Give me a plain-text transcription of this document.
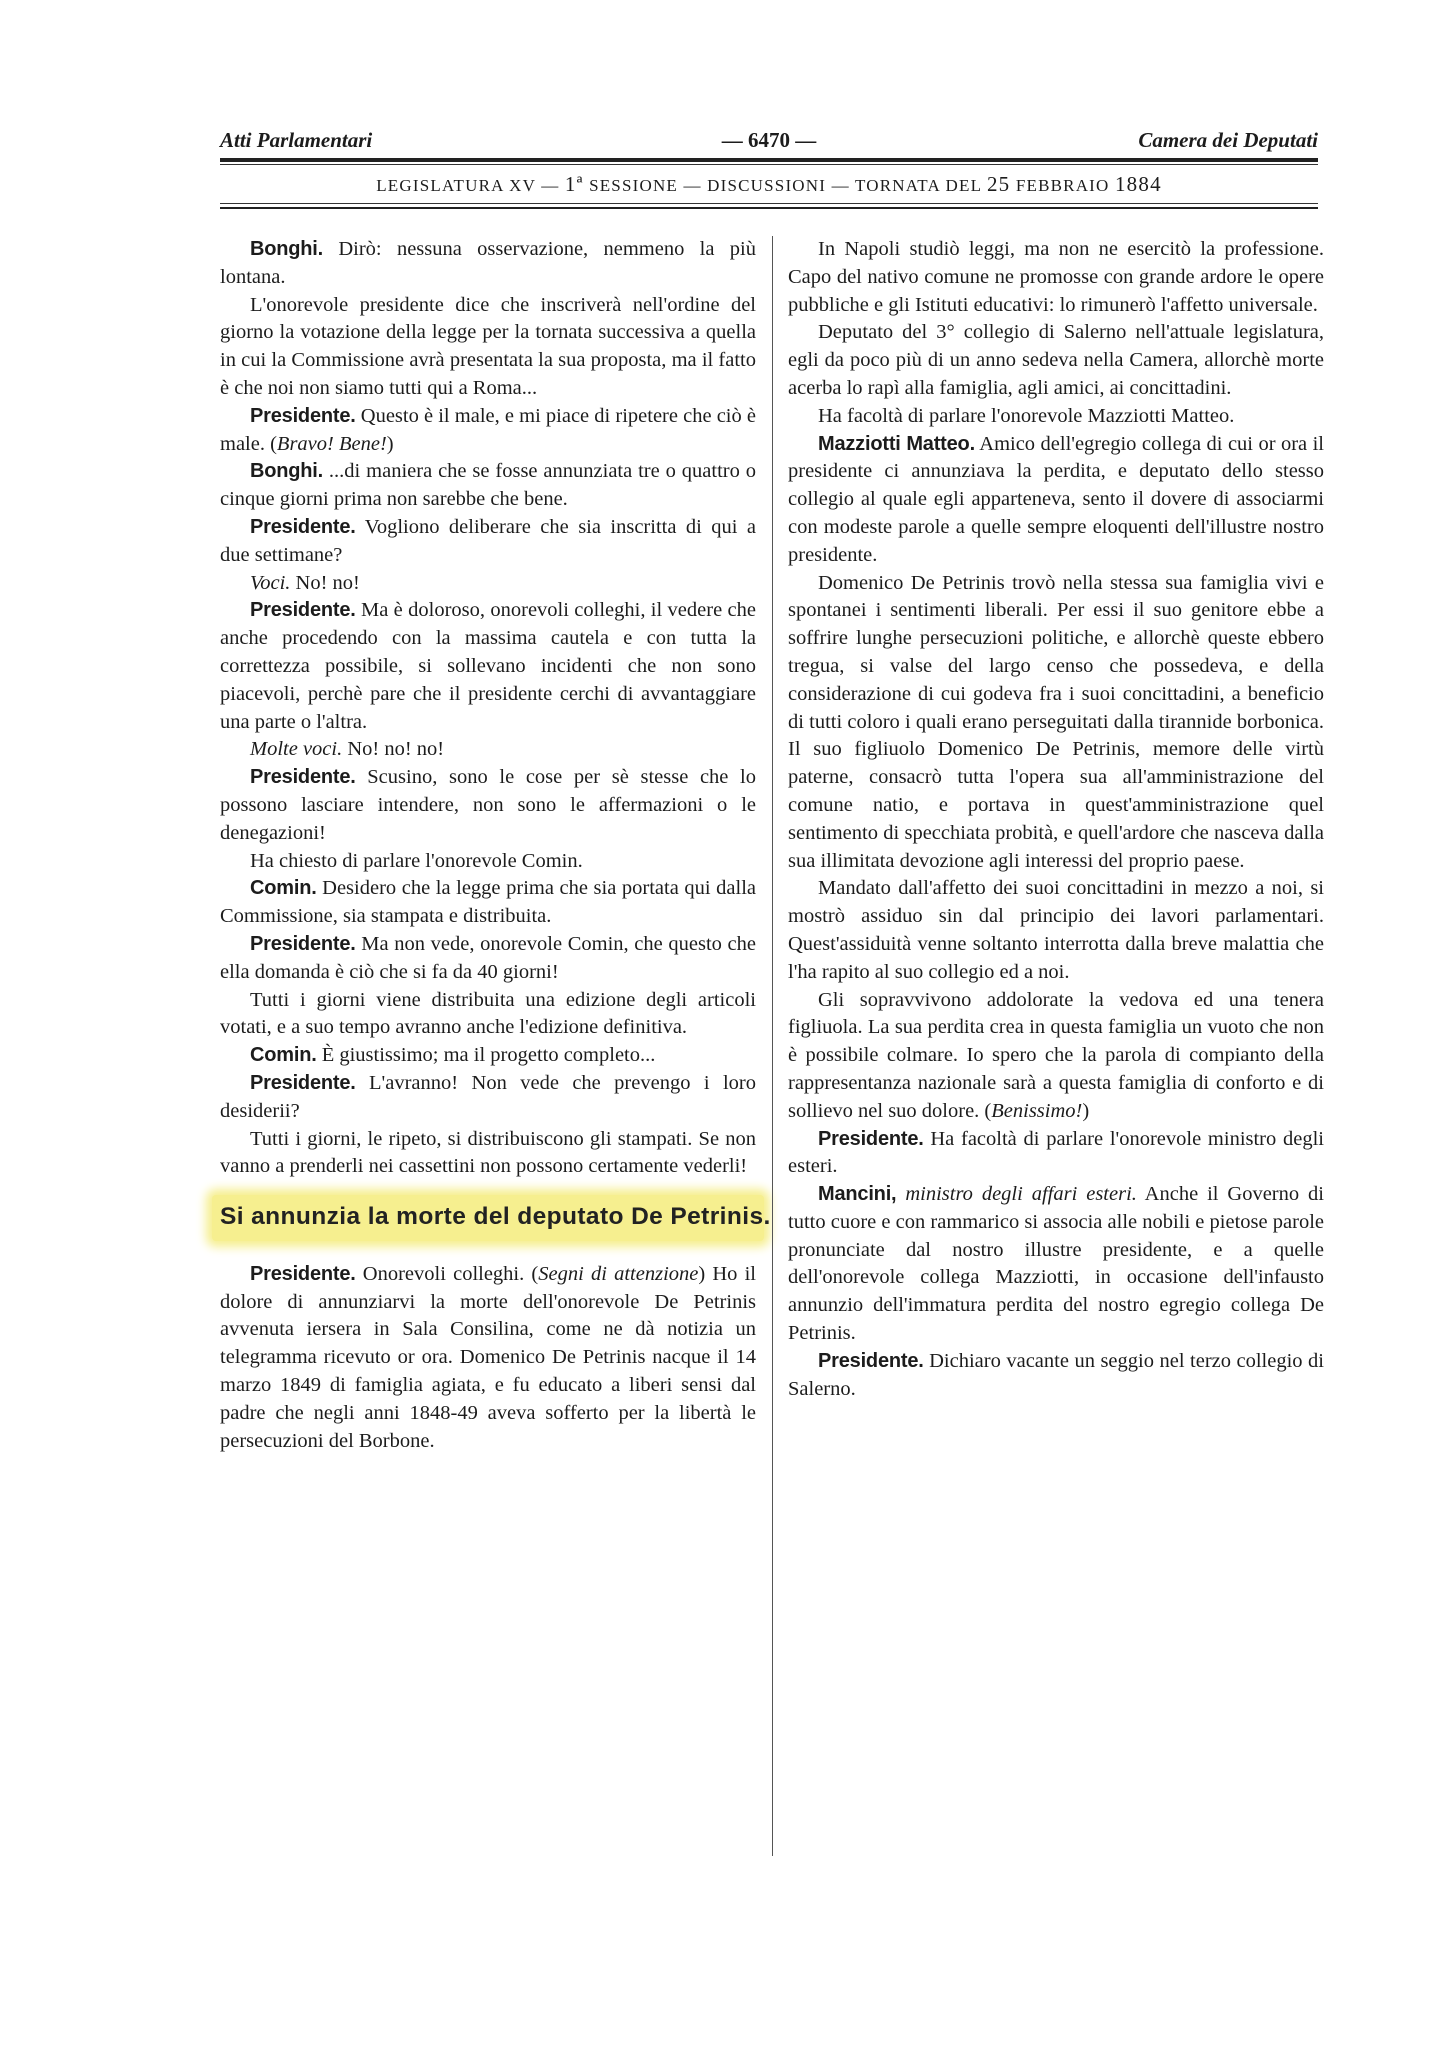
Atti Parlamentari	— 6470 —	Camera dei Deputati
LEGISLATURA XV — 1ª SESSIONE — DISCUSSIONI — TORNATA DEL 25 FEBBRAIO 1884

Bonghi. Dirò: nessuna osservazione, nemmeno la più lontana.

L'onorevole presidente dice che inscriverà nell'ordine del giorno la votazione della legge per la tornata successiva a quella in cui la Commissione avrà presentata la sua proposta, ma il fatto è che noi non siamo tutti qui a Roma...

Presidente. Questo è il male, e mi piace di ripetere che ciò è male. (Bravo! Bene!)

Bonghi. ...di maniera che se fosse annunziata tre o quattro o cinque giorni prima non sarebbe che bene.

Presidente. Vogliono deliberare che sia inscritta di qui a due settimane?

Voci. No! no!

Presidente. Ma è doloroso, onorevoli colleghi, il vedere che anche procedendo con la massima cautela e con tutta la correttezza possibile, si sollevano incidenti che non sono piacevoli, perchè pare che il presidente cerchi di avvantaggiare una parte o l'altra.

Molte voci. No! no! no!

Presidente. Scusino, sono le cose per sè stesse che lo possono lasciare intendere, non sono le affermazioni o le denegazioni!

Ha chiesto di parlare l'onorevole Comin.

Comin. Desidero che la legge prima che sia portata qui dalla Commissione, sia stampata e distribuita.

Presidente. Ma non vede, onorevole Comin, che questo che ella domanda è ciò che si fa da 40 giorni!

Tutti i giorni viene distribuita una edizione degli articoli votati, e a suo tempo avranno anche l'edizione definitiva.

Comin. È giustissimo; ma il progetto completo...

Presidente. L'avranno! Non vede che prevengo i loro desiderii?

Tutti i giorni, le ripeto, si distribuiscono gli stampati. Se non vanno a prenderli nei cassettini non possono certamente vederli!

Si annunzia la morte del deputato De Petrinis.

Presidente. Onorevoli colleghi. (Segni di attenzione) Ho il dolore di annunziarvi la morte dell'onorevole De Petrinis avvenuta iersera in Sala Consilina, come ne dà notizia un telegramma ricevuto or ora. Domenico De Petrinis nacque il 14 marzo 1849 di famiglia agiata, e fu educato a liberi sensi dal padre che negli anni 1848-49 aveva sofferto per la libertà le persecuzioni del Borbone.

In Napoli studiò leggi, ma non ne esercitò la professione. Capo del nativo comune ne promosse con grande ardore le opere pubbliche e gli Istituti educativi: lo rimunerò l'affetto universale.

Deputato del 3° collegio di Salerno nell'attuale legislatura, egli da poco più di un anno sedeva nella Camera, allorchè morte acerba lo rapì alla famiglia, agli amici, ai concittadini.

Ha facoltà di parlare l'onorevole Mazziotti Matteo.

Mazziotti Matteo. Amico dell'egregio collega di cui or ora il presidente ci annunziava la perdita, e deputato dello stesso collegio al quale egli apparteneva, sento il dovere di associarmi con modeste parole a quelle sempre eloquenti dell'illustre nostro presidente.

Domenico De Petrinis trovò nella stessa sua famiglia vivi e spontanei i sentimenti liberali. Per essi il suo genitore ebbe a soffrire lunghe persecuzioni politiche, e allorchè queste ebbero tregua, si valse del largo censo che possedeva, e della considerazione di cui godeva fra i suoi concittadini, a beneficio di tutti coloro i quali erano perseguitati dalla tirannide borbonica. Il suo figliuolo Domenico De Petrinis, memore delle virtù paterne, consacrò tutta l'opera sua all'amministrazione del comune natio, e portava in quest'amministrazione quel sentimento di specchiata probità, e quell'ardore che nasceva dalla sua illimitata devozione agli interessi del proprio paese.

Mandato dall'affetto dei suoi concittadini in mezzo a noi, si mostrò assiduo sin dal principio dei lavori parlamentari. Quest'assiduità venne soltanto interrotta dalla breve malattia che l'ha rapito al suo collegio ed a noi.

Gli sopravvivono addolorate la vedova ed una tenera figliuola. La sua perdita crea in questa famiglia un vuoto che non è possibile colmare. Io spero che la parola di compianto della rappresentanza nazionale sarà a questa famiglia di conforto e di sollievo nel suo dolore. (Benissimo!)

Presidente. Ha facoltà di parlare l'onorevole ministro degli esteri.

Mancini, ministro degli affari esteri. Anche il Governo di tutto cuore e con rammarico si associa alle nobili e pietose parole pronunciate dal nostro illustre presidente, e a quelle dell'onorevole collega Mazziotti, in occasione dell'infausto annunzio dell'immatura perdita del nostro egregio collega De Petrinis.

Presidente. Dichiaro vacante un seggio nel terzo collegio di Salerno.
